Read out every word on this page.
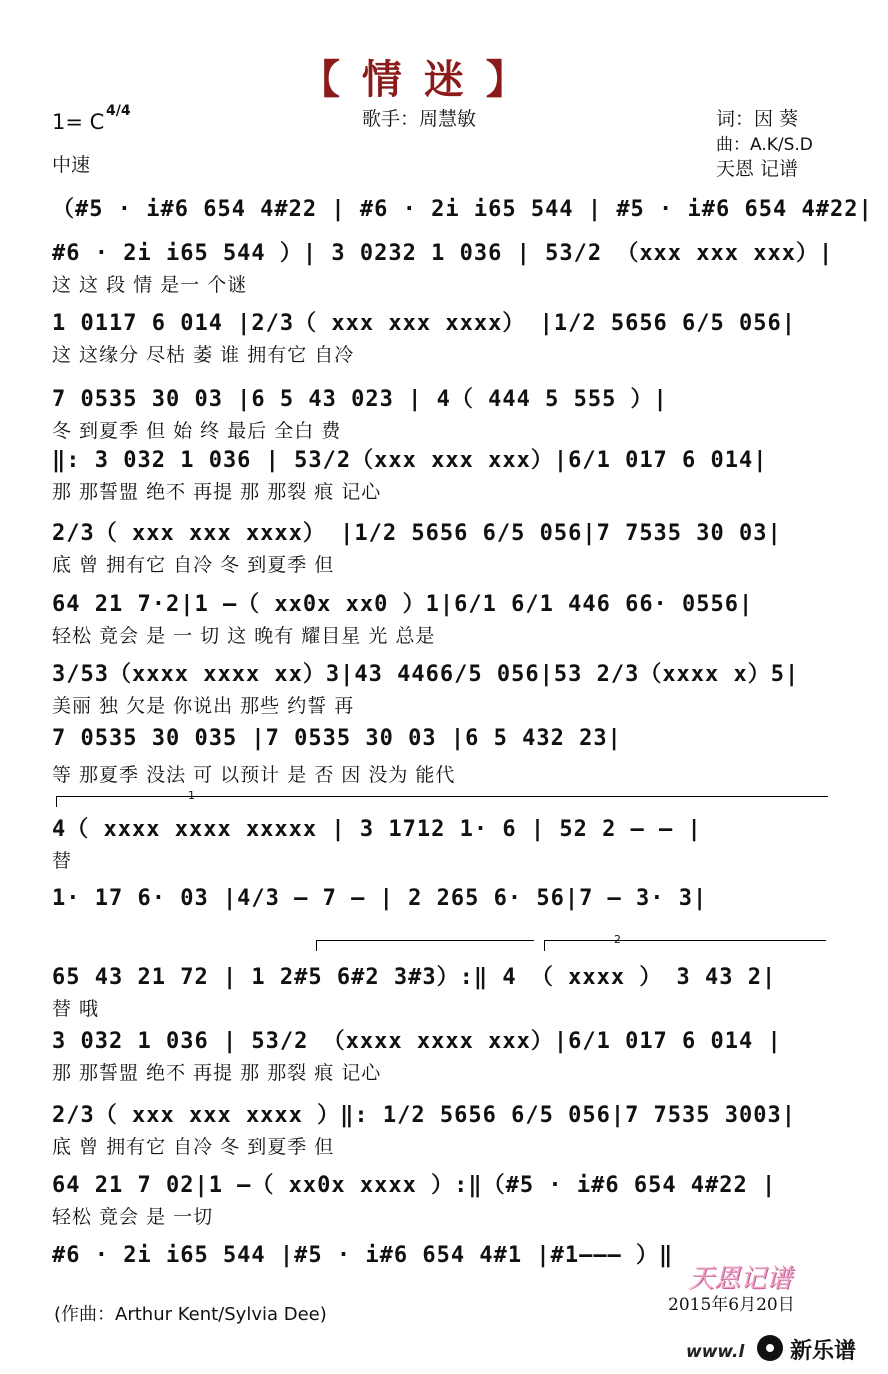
【 情 迷 】
1= C 4/4
中速
歌手：周慧敏	词：因 葵
曲：A.K/S.D
天恩 记谱
（#5 · i#6 654 4#22 | #6 · 2i i65 544 | #5 · i#6 654 4#22|
#6 · 2i i65 544 ）| 3 0232 1 036 | 53/2 （xxx xxx xxx）|
这 这 段 情 是一 个谜
1 0117 6 014 |2/3（ xxx xxx xxxx） |1/2 5656 6/5 056|
这 这缘分 尽枯 萎 谁 拥有它 自冷
7 0535 30 03 |6 5 43 023 | 4（ 444 5 555 ）|
冬 到夏季 但 始 终 最后 全白 费
‖: 3 032 1 036 | 53/2（xxx xxx xxx）|6/1 017 6 014|
那 那誓盟 绝不 再提 那 那裂 痕 记心
2/3（ xxx xxx xxxx） |1/2 5656 6/5 056|7 7535 30 03|
底 曾 拥有它 自冷 冬 到夏季 但
64 21 7·2|1 –（ xx0x xx0 ）1|6/1 6/1 446 66· 0556|
轻松 竟会 是 一 切 这 晚有 耀目星 光 总是
3/53（xxxx xxxx xx）3|43 4466/5 056|53 2/3（xxxx x）5|
美丽 独 欠是 你说出 那些 约誓 再
7 0535 30 035 |7 0535 30 03 |6 5 432 23|
等 那夏季 没法 可 以预计 是 否 因 没为 能代
4（ xxxx xxxx xxxxx | 3 1712 1· 6 | 52 2 – – |
替
1· 17 6· 03 |4/3 – 7 – | 2 265 6· 56|7 – 3· 3|
65 43 21 72 | 1 2#5 6#2 3#3）:‖ 4 （ xxxx ） 3 43 2|
替 哦
3 032 1 036 | 53/2 （xxxx xxxx xxx）|6/1 017 6 014 |
那 那誓盟 绝不 再提 那 那裂 痕 记心
2/3（ xxx xxx xxxx ）‖: 1/2 5656 6/5 056|7 7535 3003|
底 曾 拥有它 自冷 冬 到夏季 但
64 21 7 02|1 –（ xx0x xxxx ）:‖（#5 · i#6 654 4#22 |
轻松 竟会 是 一切
#6 · 2i i65 544 |#5 · i#6 654 4#1 |#1––– ）‖
1
2
天恩记谱
2015年6月20日
(作曲：Arthur Kent/Sylvia Dee)
www.l 新乐谱
